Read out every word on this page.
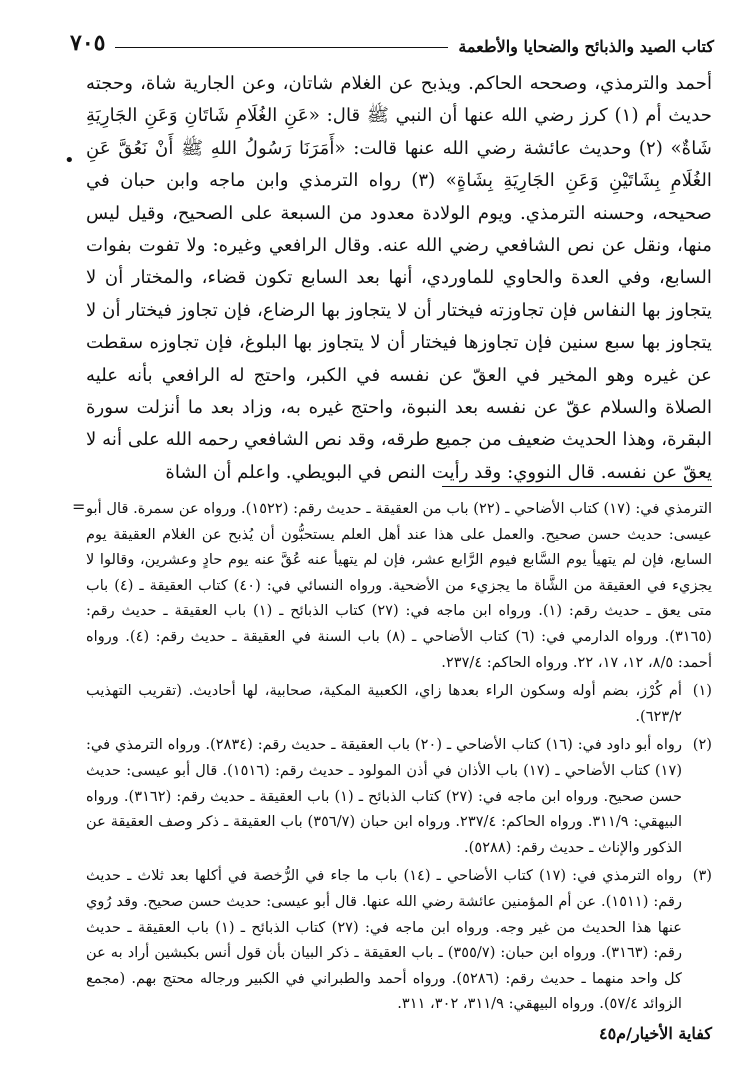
كتاب الصيد والذبائح والضحايا والأطعمة
٧٠٥

أحمد والترمذي، وصححه الحاكم. ويذبح عن الغلام شاتان، وعن الجارية شاة، وحجته حديث أم (١) كرز رضي الله عنها أن النبي ﷺ قال: «عَنِ الغُلَامِ شَاتَانِ وَعَنِ الجَارِيَةِ شَاةٌ» (٢) وحديث عائشة رضي الله عنها قالت: «أَمَرَنَا رَسُولُ اللهِ ﷺ أَنْ نَعُقَّ عَنِ الغُلَامِ بِشَاتَيْنِ وَعَنِ الجَارِيَةِ بِشَاةٍ» (٣) رواه الترمذي وابن ماجه وابن حبان في صحيحه، وحسنه الترمذي. ويوم الولادة معدود من السبعة على الصحيح، وقيل ليس منها، ونقل عن نص الشافعي رضي الله عنه. وقال الرافعي وغيره: ولا تفوت بفوات السابع، وفي العدة والحاوي للماوردي، أنها بعد السابع تكون قضاء، والمختار أن لا يتجاوز بها النفاس فإن تجاوزته فيختار أن لا يتجاوز بها الرضاع، فإن تجاوز فيختار أن لا يتجاوز بها سبع سنين فإن تجاوزها فيختار أن لا يتجاوز بها البلوغ، فإن تجاوزه سقطت عن غيره وهو المخير في العقّ عن نفسه في الكبر، واحتج له الرافعي بأنه عليه الصلاة والسلام عقّ عن نفسه بعد النبوة، واحتج غيره به، وزاد بعد ما أنزلت سورة البقرة، وهذا الحديث ضعيف من جميع طرقه، وقد نص الشافعي رحمه الله على أنه لا يعقّ عن نفسه. قال النووي: وقد رأيت النص في البويطي. واعلم أن الشاة

•
= الترمذي في: (١٧) كتاب الأضاحي ـ (٢٢) باب من العقيقة ـ حديث رقم: (١٥٢٢). ورواه عن سمرة. قال أبو عيسى: حديث حسن صحيح. والعمل على هذا عند أهل العلم يستحبُّون أن يُذبح عن الغلام العقيقة يوم السابع، فإن لم يتهيأ يوم السَّابع فيوم الرَّابع عشر، فإن لم يتهيأ عنه عُقَّ عنه يوم حادٍ وعشرين، وقالوا لا يجزيء في العقيقة من الشَّاة ما يجزيء من الأضحية. ورواه النسائي في: (٤٠) كتاب العقيقة ـ (٤) باب متى يعق ـ حديث رقم: (١). ورواه ابن ماجه في: (٢٧) كتاب الذبائح ـ (١) باب العقيقة ـ حديث رقم: (٣١٦٥). ورواه الدارمي في: (٦) كتاب الأضاحي ـ (٨) باب السنة في العقيقة ـ حديث رقم: (٤). ورواه أحمد: ٨/٥، ١٢، ١٧، ٢٢. ورواه الحاكم: ٢٣٧/٤.

(١)

أم كُرْز، بضم أوله وسكون الراء بعدها زاي، الكعبية المكية، صحابية، لها أحاديث. (تقريب التهذيب ٦٢٣/٢).

(٢)

رواه أبو داود في: (١٦) كتاب الأضاحي ـ (٢٠) باب العقيقة ـ حديث رقم: (٢٨٣٤). ورواه الترمذي في: (١٧) كتاب الأضاحي ـ (١٧) باب الأذان في أذن المولود ـ حديث رقم: (١٥١٦). قال أبو عيسى: حديث حسن صحيح. ورواه ابن ماجه في: (٢٧) كتاب الذبائح ـ (١) باب العقيقة ـ حديث رقم: (٣١٦٢). ورواه البيهقي: ٣١١/٩. ورواه الحاكم: ٢٣٧/٤. ورواه ابن حبان (٣٥٦/٧) باب العقيقة ـ ذكر وصف العقيقة عن الذكور والإناث ـ حديث رقم: (٥٢٨٨).

(٣)

رواه الترمذي في: (١٧) كتاب الأضاحي ـ (١٤) باب ما جاء في الرُّخصة في أكلها بعد ثلاث ـ حديث رقم: (١٥١١). عن أم المؤمنين عائشة رضي الله عنها. قال أبو عيسى: حديث حسن صحيح. وقد رُوي عنها هذا الحديث من غير وجه. ورواه ابن ماجه في: (٢٧) كتاب الذبائح ـ (١) باب العقيقة ـ حديث رقم: (٣١٦٣). ورواه ابن حبان: (٣٥٥/٧) ـ باب العقيقة ـ ذكر البيان بأن قول أنس بكبشين أراد به عن كل واحد منهما ـ حديث رقم: (٥٢٨٦). ورواه أحمد والطبراني في الكبير ورجاله محتج بهم. (مجمع الزوائد ٥٧/٤). ورواه البيهقي: ٣١١/٩، ٣٠٢، ٣١١.

كفاية الأخيار/م٤٥
